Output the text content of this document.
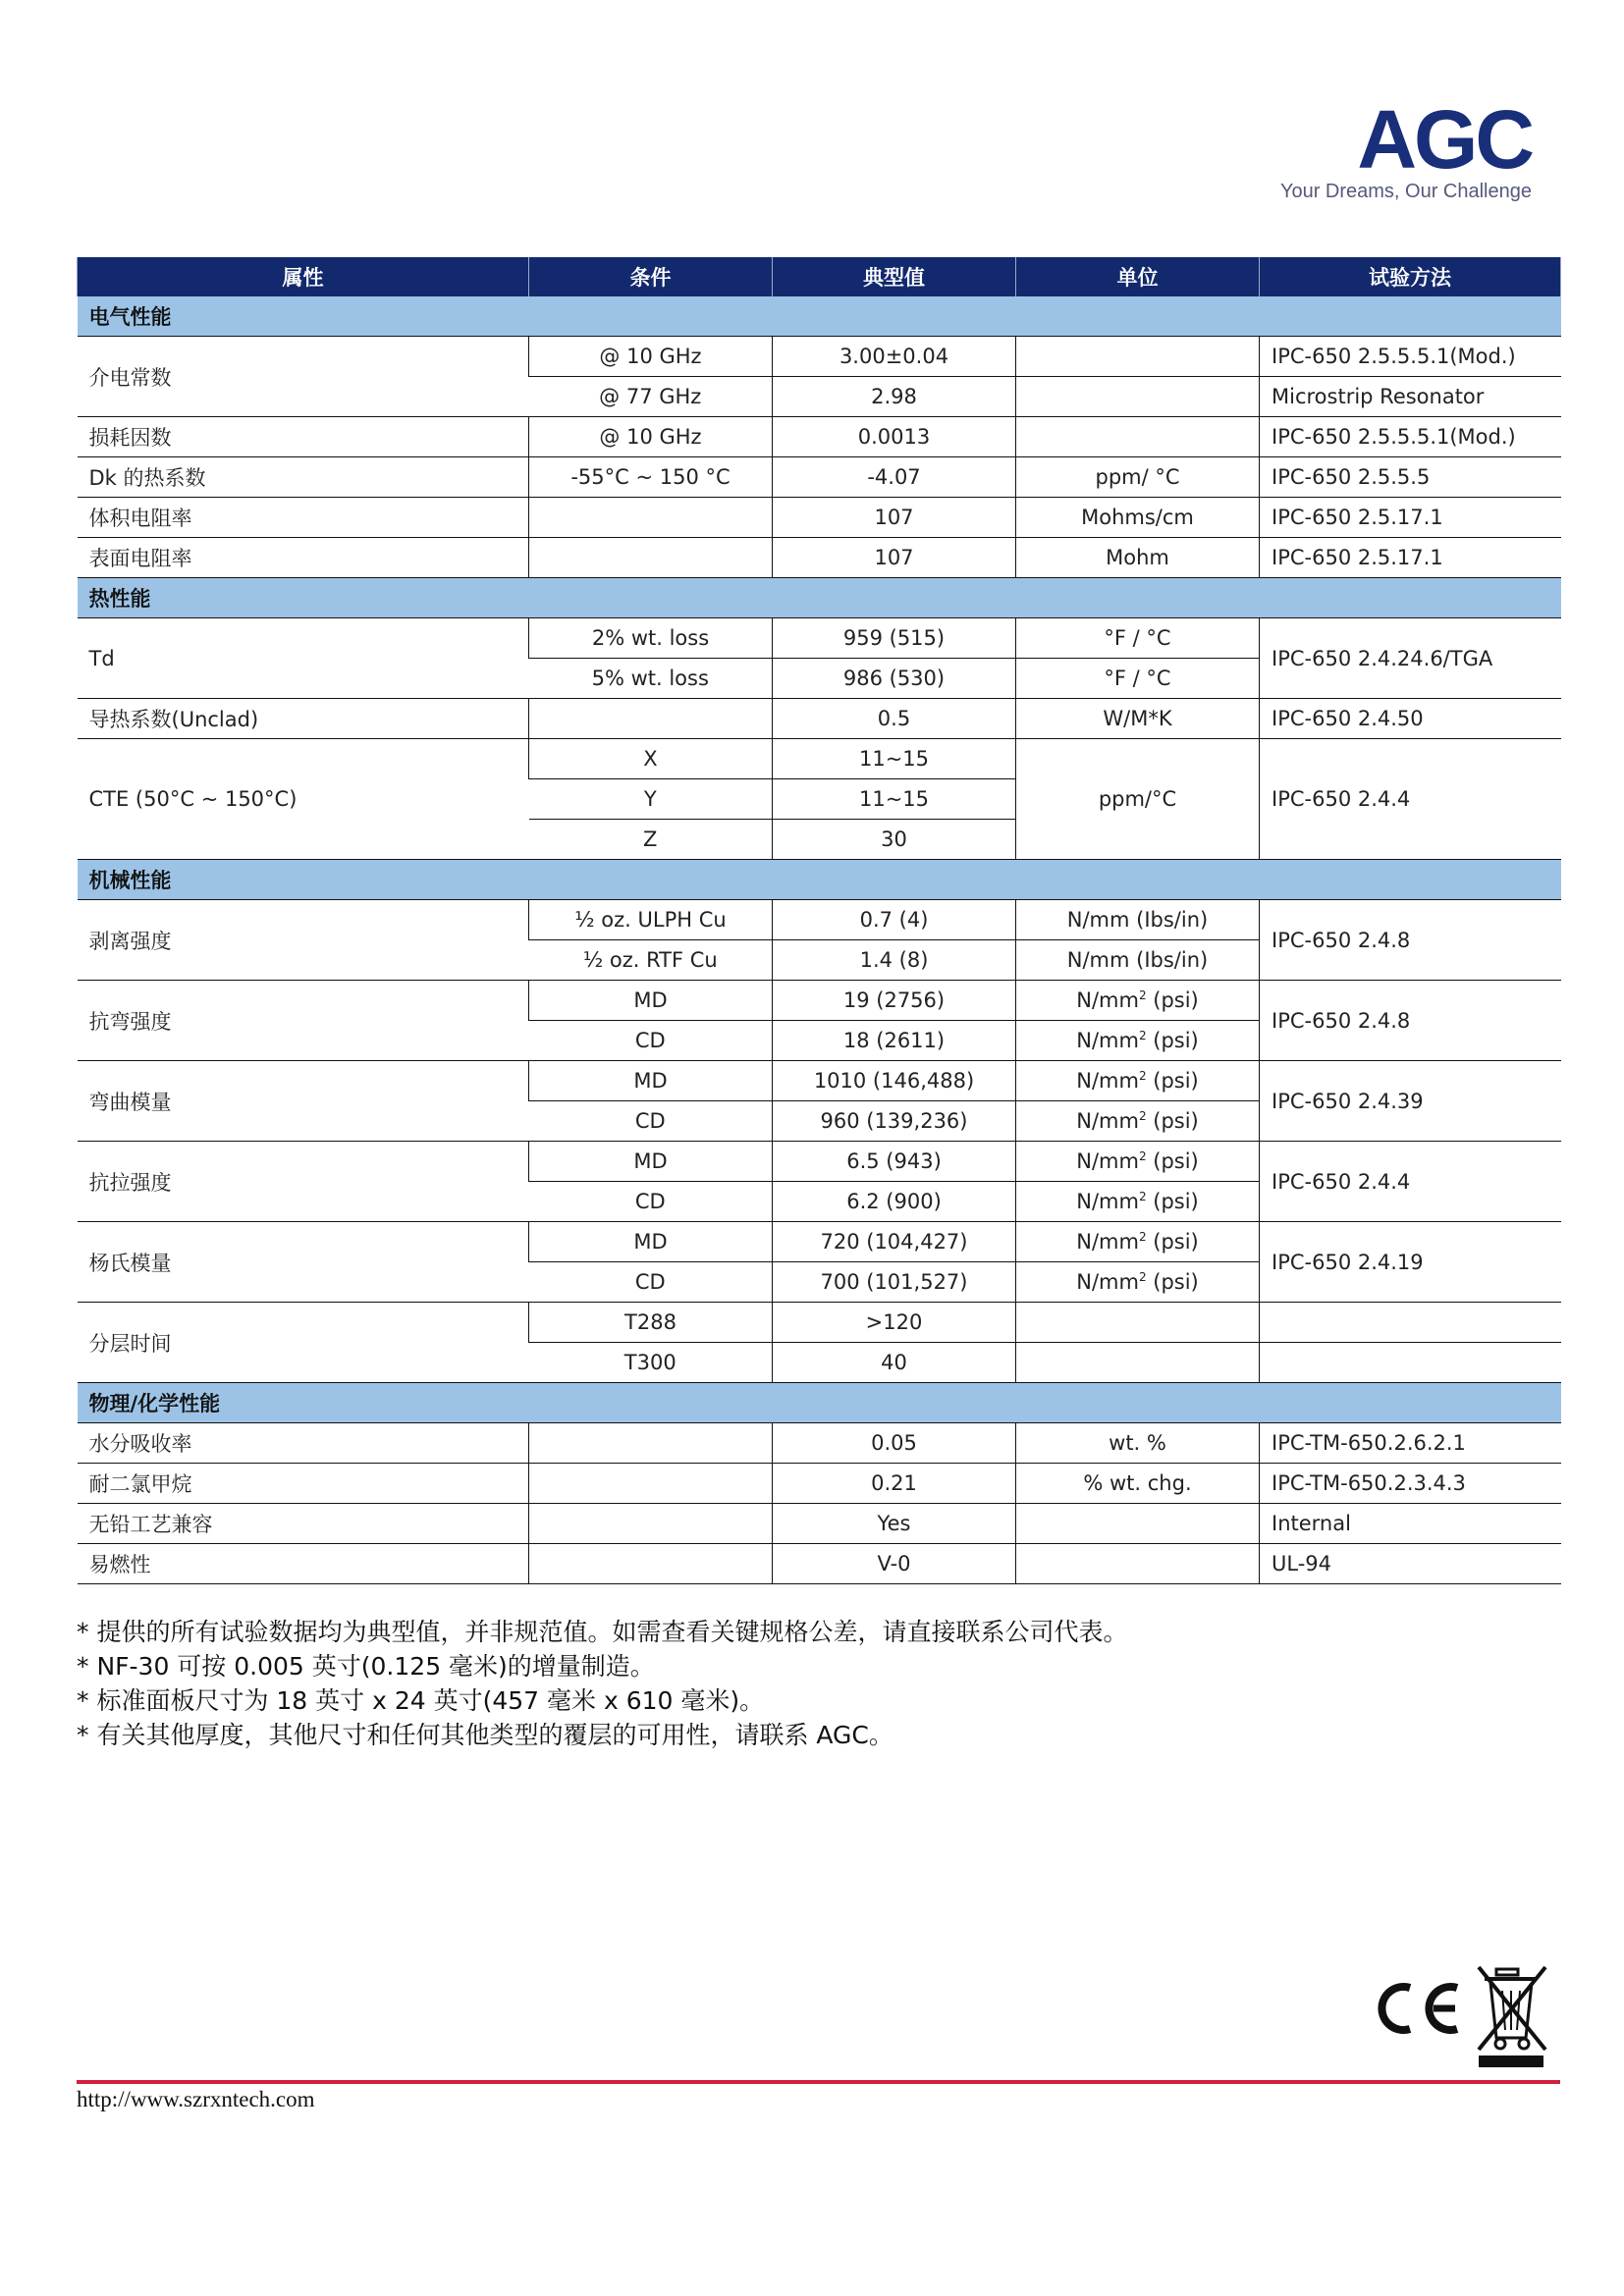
AGC
Your Dreams, Our Challenge
属性	条件	典型值	单位	试验方法
电气性能				
介电常数	@ 10 GHz	3.00±0.04		IPC-650 2.5.5.5.1(Mod.)
	@ 77 GHz	2.98		Microstrip Resonator
损耗因数	@ 10 GHz	0.0013		IPC-650 2.5.5.5.1(Mod.)
Dk 的热系数	-55°C ~ 150 °C	-4.07	ppm/ °C	IPC-650 2.5.5.5
体积电阻率		107	Mohms/cm	IPC-650 2.5.17.1
表面电阻率		107	Mohm	IPC-650 2.5.17.1
热性能				
Td	2% wt. loss	959 (515)	°F / °C	IPC-650 2.4.24.6/TGA
	5% wt. loss	986 (530)	°F / °C	
导热系数(Unclad)		0.5	W/M*K	IPC-650 2.4.50
CTE (50°C ~ 150°C)	X	11~15	ppm/°C	IPC-650 2.4.4
	Y	11~15		
	Z	30		
机械性能				
剥离强度	½ oz. ULPH Cu	0.7 (4)	N/mm (Ibs/in)	IPC-650 2.4.8
	½ oz. RTF Cu	1.4 (8)	N/mm (Ibs/in)	
抗弯强度	MD	19 (2756)	$N/mm^2$ (psi)	IPC-650 2.4.8
	CD	18 (2611)	$N/mm^2$ (psi)	
弯曲模量	MD	1010 (146,488)	$N/mm^2$ (psi)	IPC-650 2.4.39
	CD	960 (139,236)	$N/mm^2$ (psi)	
抗拉强度	MD	6.5 (943)	$N/mm^2$ (psi)	IPC-650 2.4.4
	CD	6.2 (900)	$N/mm^2$ (psi)	
杨氏模量	MD	720 (104,427)	$N/mm^2$ (psi)	IPC-650 2.4.19
	CD	700 (101,527)	$N/mm^2$ (psi)	
分层时间	T288	>120		
	T300	40		
物理/化学性能				
水分吸收率		0.05	wt. %	IPC-TM-650.2.6.2.1
耐二氯甲烷		0.21	% wt. chg.	IPC-TM-650.2.3.4.3
无铅工艺兼容		Yes		Internal
易燃性		V-0		UL-94
* 提供的所有试验数据均为典型值，并非规范值。如需查看关键规格公差，请直接联系公司代表。
* NF-30 可按 0.005 英寸(0.125 毫米)的增量制造。
* 标准面板尺寸为 18 英寸 x 24 英寸(457 毫米 x 610 毫米)。
* 有关其他厚度，其他尺寸和任何其他类型的覆层的可用性，请联系 AGC。
http://www.szrxntech.com
